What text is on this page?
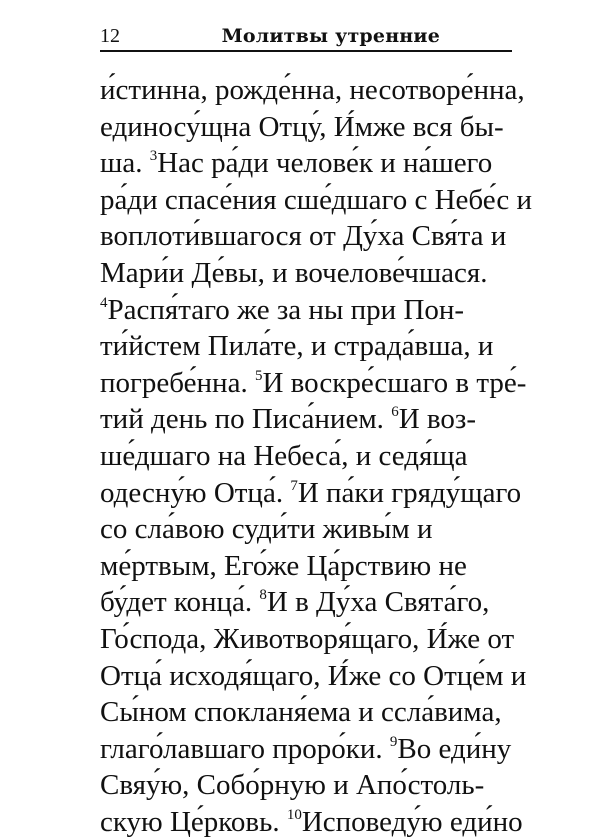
12	Молитвы утренние
и́стинна, рожде́нна, несотворе́нна,
единосу́щна Отцу́, И́мже вся бы-
ша. $^3$Нас ра́ди челове́к и на́шего
ра́ди спасе́ния сше́дшаго с Небе́с и
воплоти́вшагося от Ду́ха Свя́та и
Мари́и Де́вы, и вочелове́чшася.
$^4$Распя́таго же за ны при Пон-
ти́йстем Пила́те, и страда́вша, и
погребе́нна. $^5$И воскре́сшаго в тре́-
тий день по Писа́нием. $^6$И воз-
ше́дшаго на Небеса́, и седя́ща
одесну́ю Отца́. $^7$И па́ки гряду́щаго
со сла́вою суди́ти живы́м и
ме́ртвым, Его́же Ца́рствию не
бу́дет конца́. $^8$И в Ду́ха Свята́го,
Го́спода, Животворя́щаго, И́же от
Отца́ исходя́щаго, И́же со Отце́м и
Сы́ном спокланя́ема и ссла́вима,
глаго́лавшаго проро́ки. $^9$Во еди́ну
Свяу́ю, Собо́рную и Апо́столь-
скую Це́рковь. $^{10}$Исповеду́ю еди́но
